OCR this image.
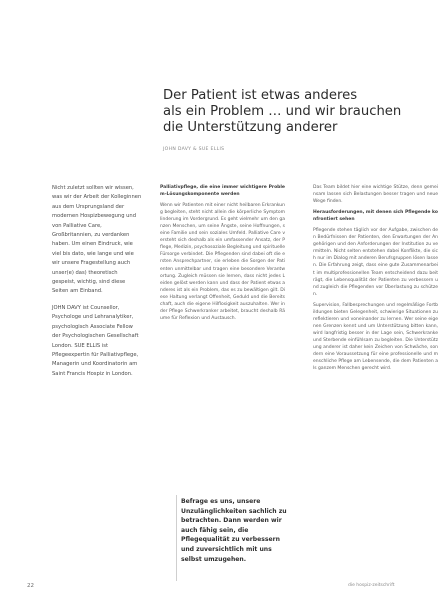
Der Patient ist etwas anderes
als ein Problem … und wir brauchen
die Unterstützung anderer
JOHN DAVY & SUE ELLIS

Nicht zuletzt sollten wir wissen, was wir der Arbeit der Kolleginnen aus dem Ursprungsland der modernen Hospizbewegung und von Palliative Care, Großbritannien, zu verdanken haben. Um einen Eindruck, wie viel bis dato, wie lange und wie wir unsere Fragestellung auch unser(e) das) theoretisch gespeist, wichtig, sind diese Seiten am Einband.

JOHN DAVY ist Counsellor, Psychologe und Lehranalytiker, psychologisch Associate Fellow der Psychologischen Gesellschaft London. SUE ELLIS ist Pflegeexpertin für Palliativpflege, Managerin und Koordinatorin am Saint Francis Hospiz in London.

Palliativpflege, die eine immer wichtigere Problem-Lösungskomponente werden

Wenn wir Patienten mit einer nicht heilbaren Erkrankung begleiten, steht nicht allein die körperliche Symptomlinderung im Vordergrund. Es geht vielmehr um den ganzen Menschen, um seine Ängste, seine Hoffnungen, seine Familie und sein soziales Umfeld. Palliative Care versteht sich deshalb als ein umfassender Ansatz, der Pflege, Medizin, psychosoziale Begleitung und spirituelle Fürsorge verbindet. Die Pflegenden sind dabei oft die ersten Ansprechpartner, sie erleben die Sorgen der Patienten unmittelbar und tragen eine besondere Verantwortung. Zugleich müssen sie lernen, dass nicht jedes Leiden gelöst werden kann und dass der Patient etwas anderes ist als ein Problem, das es zu bewältigen gilt. Diese Haltung verlangt Offenheit, Geduld und die Bereitschaft, auch die eigene Hilflosigkeit auszuhalten. Wer in der Pflege Schwerkranker arbeitet, braucht deshalb Räume für Reflexion und Austausch.

Das Team bildet hier eine wichtige Stütze, denn gemeinsam lassen sich Belastungen besser tragen und neue Wege finden.

Herausforderungen, mit denen sich Pflegende konfrontiert sehen

Pflegende stehen täglich vor der Aufgabe, zwischen den Bedürfnissen der Patienten, den Erwartungen der Angehörigen und den Anforderungen der Institution zu vermitteln. Nicht selten entstehen dabei Konflikte, die sich nur im Dialog mit anderen Berufsgruppen lösen lassen. Die Erfahrung zeigt, dass eine gute Zusammenarbeit im multiprofessionellen Team entscheidend dazu beiträgt, die Lebensqualität der Patienten zu verbessern und zugleich die Pflegenden vor Überlastung zu schützen.

Supervision, Fallbesprechungen und regelmäßige Fortbildungen bieten Gelegenheit, schwierige Situationen zu reflektieren und voneinander zu lernen. Wer seine eigenen Grenzen kennt und um Unterstützung bitten kann, wird langfristig besser in der Lage sein, Schwerkranke und Sterbende einfühlsam zu begleiten. Die Unterstützung anderer ist daher kein Zeichen von Schwäche, sondern eine Voraussetzung für eine professionelle und menschliche Pflege am Lebensende, die dem Patienten als ganzem Menschen gerecht wird.

Befrage es uns, unsere Unzulänglichkeiten sachlich zu betrachten. Dann werden wir auch fähig sein, die Pflegequalität zu verbessern und zuversichtlich mit uns selbst umzugehen.
22	die hospiz-zeitschrift
